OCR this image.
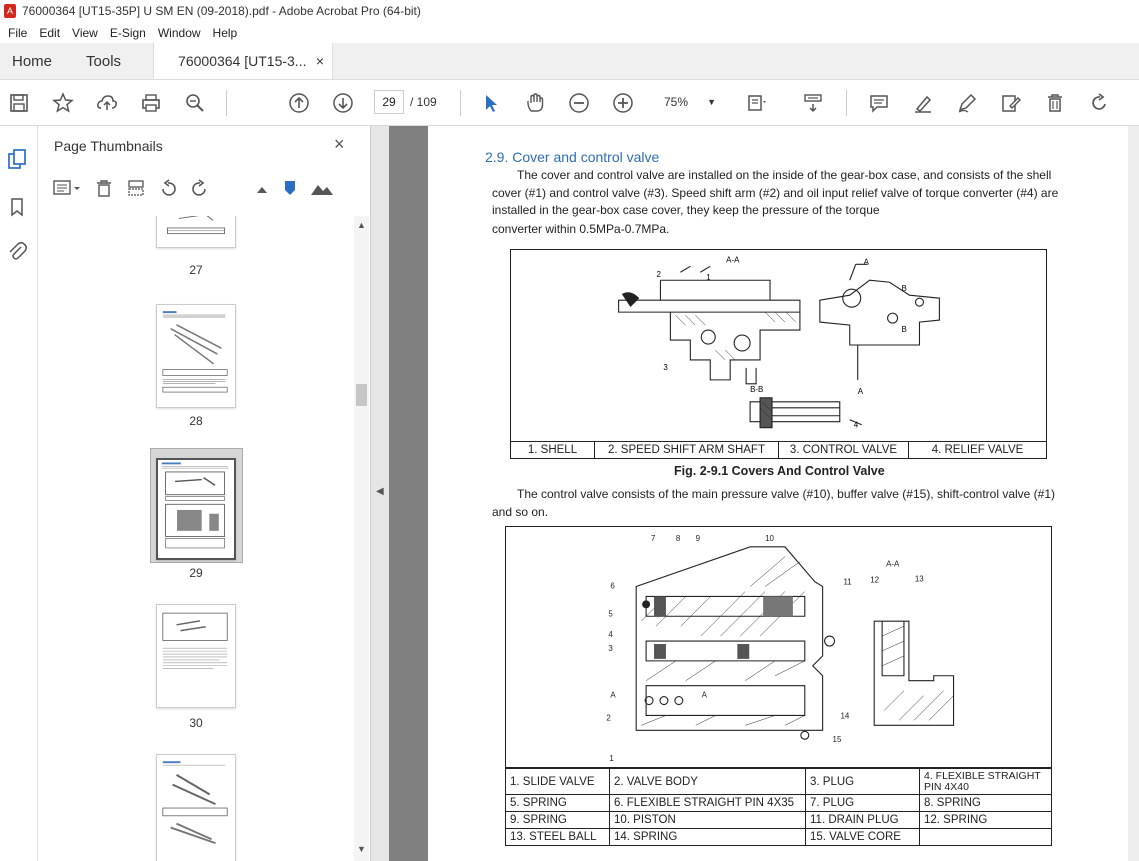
A 76000364 [UT15-35P] U SM EN (09-2018).pdf - Adobe Acrobat Pro (64-bit)
File	Edit	View	E-Sign	Window	Help
Home	Tools	76000364 [UT15-3... ×
29	/ 109	75% ▼
Page Thumbnails	×
27
28
29
30
▲
▼
◀
2.9. Cover and control valve
The cover and control valve are installed on the inside of the gear-box case, and consists of the shell
cover (#1) and control valve (#3). Speed shift arm (#2) and oil input relief valve of torque converter (#4) are
installed in the gear-box case cover, they keep the pressure of the torque
converter within 0.5MPa-0.7MPa.
A-A
B-B
2	1
3
4
A
A
B
B
1. SHELL	2. SPEED SHIFT ARM SHAFT	3. CONTROL VALVE	4. RELIEF VALVE
Fig. 2-9.1 Covers And Control Valve
The control valve consists of the main pressure valve (#10), buffer valve (#15), shift-control valve (#1)
and so on.
7	8 9	10
11 12	13
6
5
4
3
2
1
14
15
A-A
A	A
1. SLIDE VALVE	2. VALVE BODY	3. PLUG	4. FLEXIBLE STRAIGHT PIN 4X40
5. SPRING	6. FLEXIBLE STRAIGHT PIN 4X35	7. PLUG	8. SPRING
9. SPRING	10. PISTON	11. DRAIN PLUG	12. SPRING
13. STEEL BALL	14. SPRING	15. VALVE CORE	
